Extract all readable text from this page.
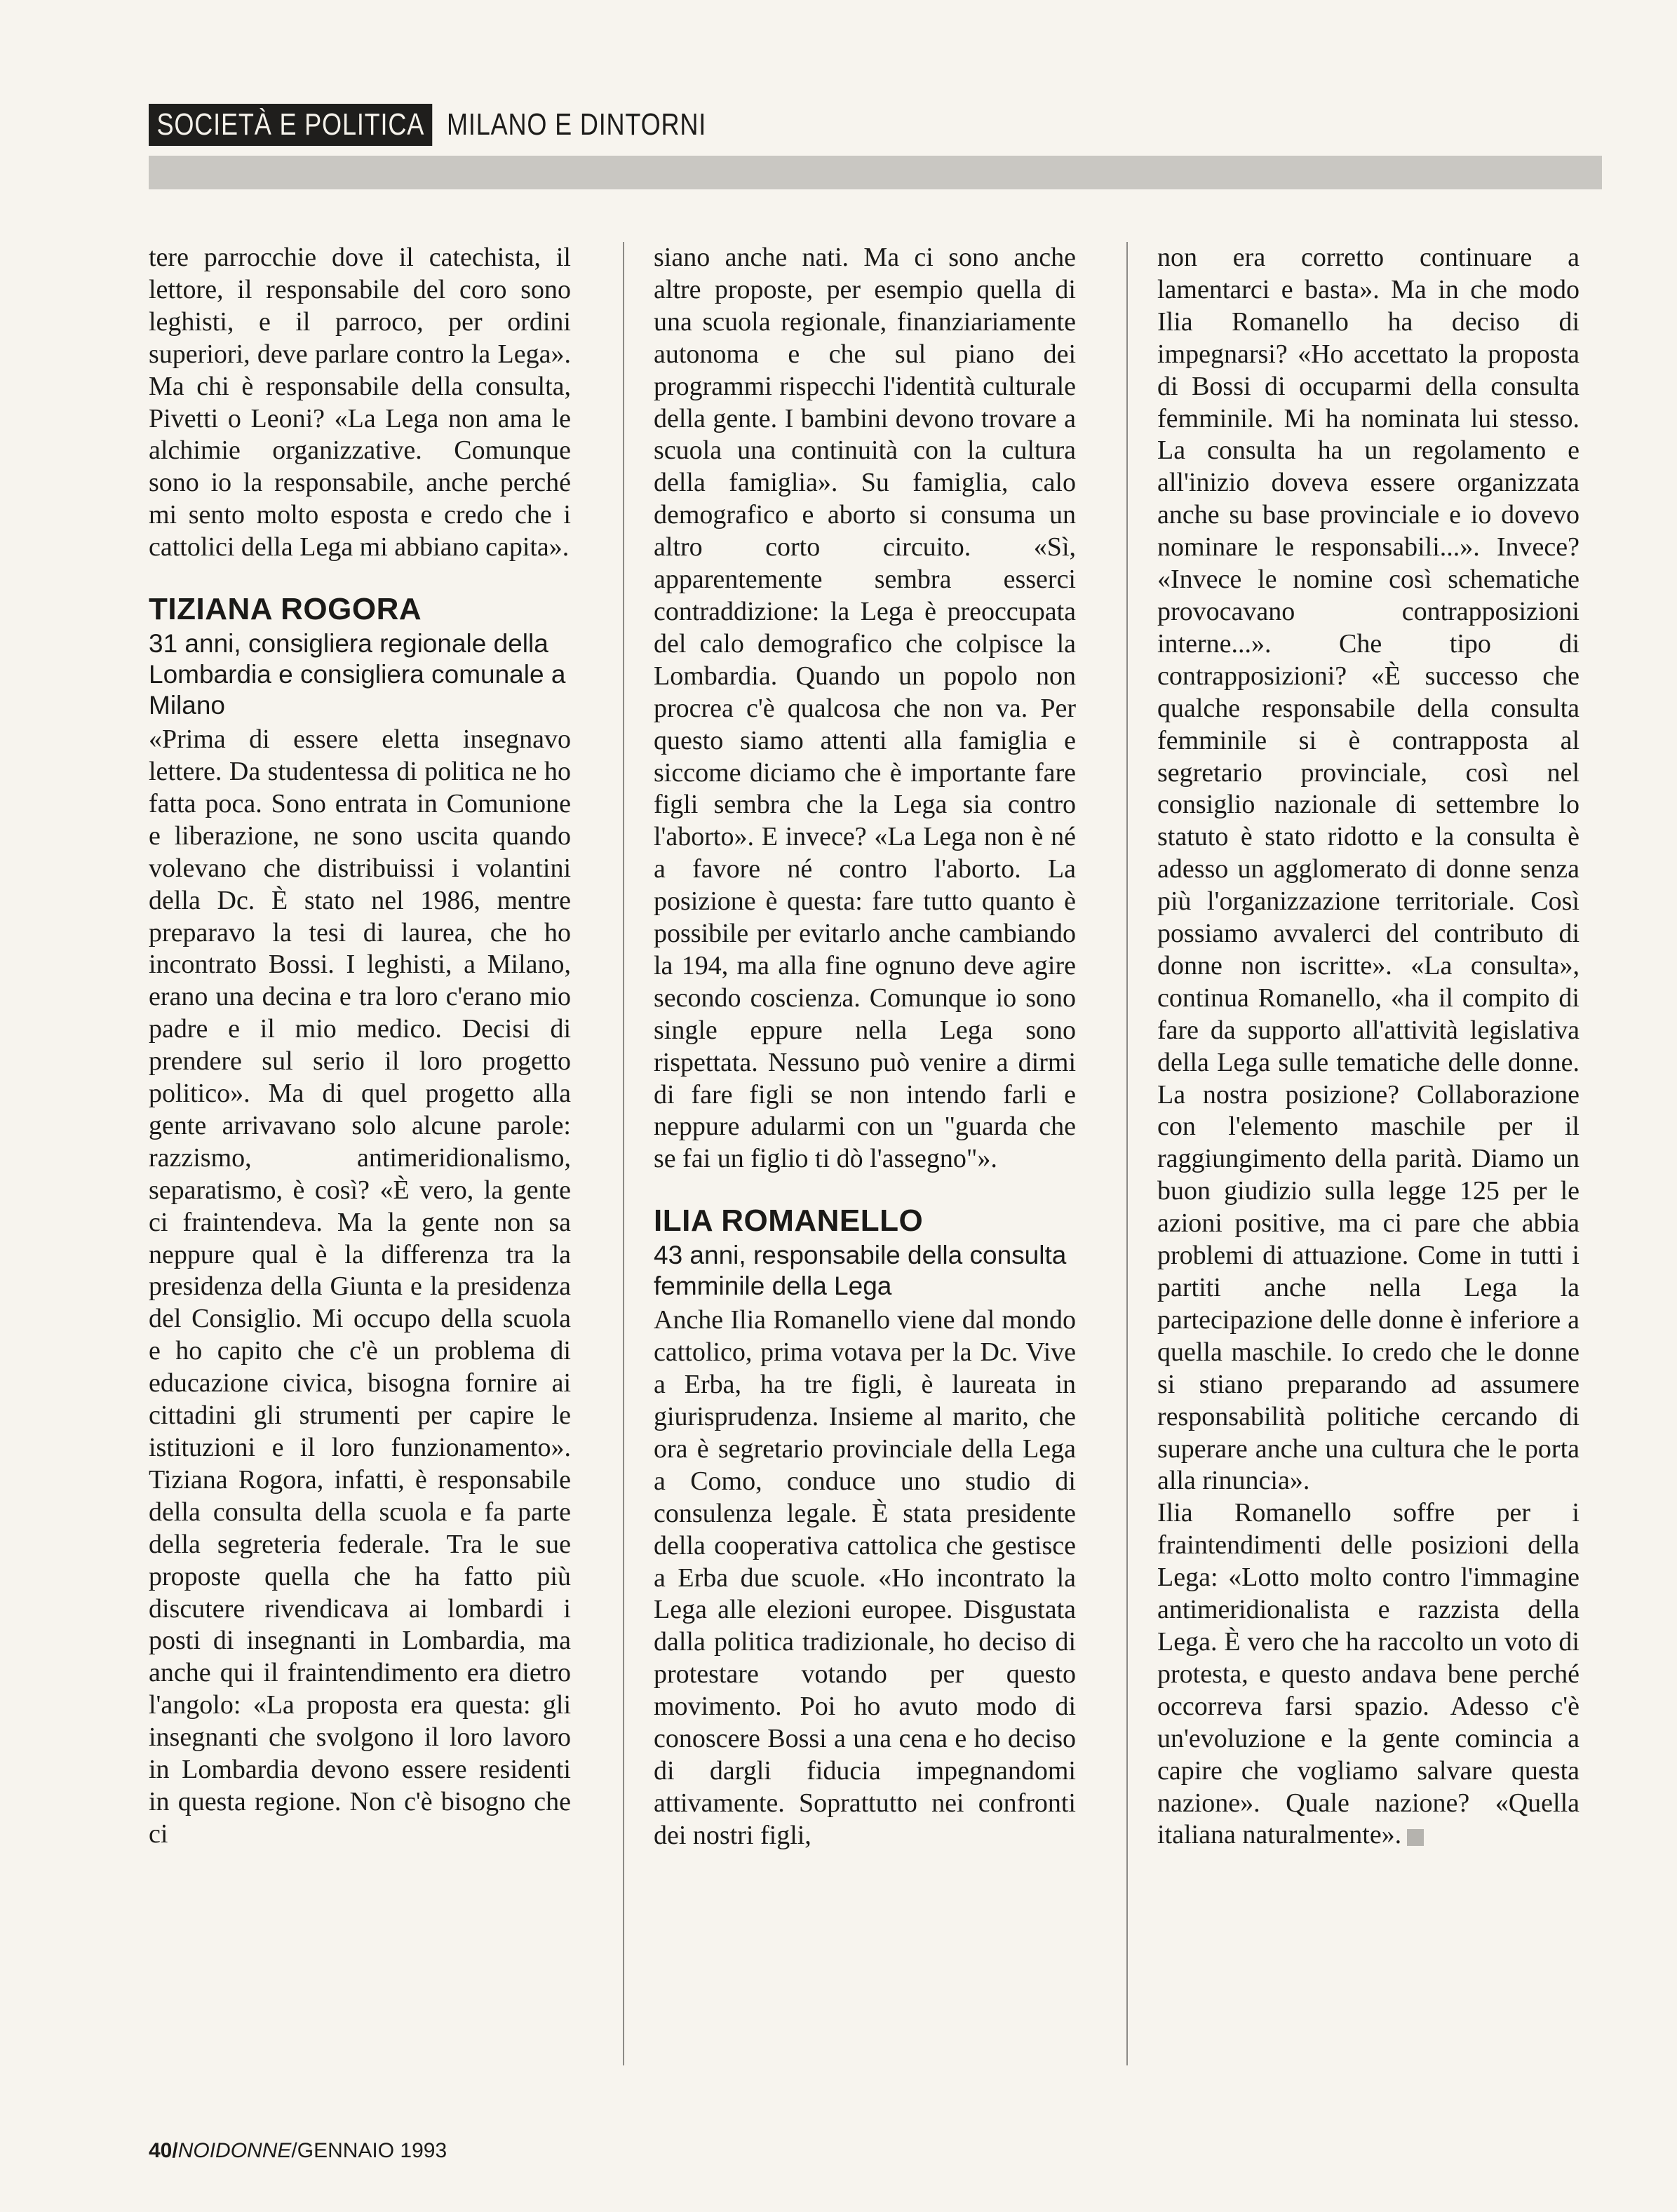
SOCIETÀ E POLITICA MILANO E DINTORNI

tere parrocchie dove il catechista, il lettore, il responsabile del coro sono leghisti, e il parroco, per ordini superiori, deve parlare contro la Lega». Ma chi è responsabile della consulta, Pivetti o Leoni? «La Lega non ama le alchimie organizzative. Comunque sono io la responsabile, anche perché mi sento molto esposta e credo che i cattolici della Lega mi abbiano capita».

TIZIANA ROGORA
31 anni, consigliera regionale della Lombardia e consigliera comunale a Milano

«Prima di essere eletta insegnavo lettere. Da studentessa di politica ne ho fatta poca. Sono entrata in Comunione e liberazione, ne sono uscita quando volevano che distribuissi i volantini della Dc. È stato nel 1986, mentre preparavo la tesi di laurea, che ho incontrato Bossi. I leghisti, a Milano, erano una decina e tra loro c'erano mio padre e il mio medico. Decisi di prendere sul serio il loro progetto politico». Ma di quel progetto alla gente arrivavano solo alcune parole: razzismo, antimeridionalismo, separatismo, è così? «È vero, la gente ci fraintendeva. Ma la gente non sa neppure qual è la differenza tra la presidenza della Giunta e la presidenza del Consiglio. Mi occupo della scuola e ho capito che c'è un problema di educazione civica, bisogna fornire ai cittadini gli strumenti per capire le istituzioni e il loro funzionamento». Tiziana Rogora, infatti, è responsabile della consulta della scuola e fa parte della segreteria federale. Tra le sue proposte quella che ha fatto più discutere rivendicava ai lombardi i posti di insegnanti in Lombardia, ma anche qui il fraintendimento era dietro l'angolo: «La proposta era questa: gli insegnanti che svolgono il loro lavoro in Lombardia devono essere residenti in questa regione. Non c'è bisogno che ci

siano anche nati. Ma ci sono anche altre proposte, per esempio quella di una scuola regionale, finanziariamente autonoma e che sul piano dei programmi rispecchi l'identità culturale della gente. I bambini devono trovare a scuola una continuità con la cultura della famiglia». Su famiglia, calo demografico e aborto si consuma un altro corto circuito. «Sì, apparentemente sembra esserci contraddizione: la Lega è preoccupata del calo demografico che colpisce la Lombardia. Quando un popolo non procrea c'è qualcosa che non va. Per questo siamo attenti alla famiglia e siccome diciamo che è importante fare figli sembra che la Lega sia contro l'aborto». E invece? «La Lega non è né a favore né contro l'aborto. La posizione è questa: fare tutto quanto è possibile per evitarlo anche cambiando la 194, ma alla fine ognuno deve agire secondo coscienza. Comunque io sono single eppure nella Lega sono rispettata. Nessuno può venire a dirmi di fare figli se non intendo farli e neppure adularmi con un "guarda che se fai un figlio ti dò l'assegno"».

ILIA ROMANELLO
43 anni, responsabile della consulta femminile della Lega

Anche Ilia Romanello viene dal mondo cattolico, prima votava per la Dc. Vive a Erba, ha tre figli, è laureata in giurisprudenza. Insieme al marito, che ora è segretario provinciale della Lega a Como, conduce uno studio di consulenza legale. È stata presidente della cooperativa cattolica che gestisce a Erba due scuole. «Ho incontrato la Lega alle elezioni europee. Disgustata dalla politica tradizionale, ho deciso di protestare votando per questo movimento. Poi ho avuto modo di conoscere Bossi a una cena e ho deciso di dargli fiducia impegnandomi attivamente. Soprattutto nei confronti dei nostri figli,

non era corretto continuare a lamentarci e basta». Ma in che modo Ilia Romanello ha deciso di impegnarsi? «Ho accettato la proposta di Bossi di occuparmi della consulta femminile. Mi ha nominata lui stesso. La consulta ha un regolamento e all'inizio doveva essere organizzata anche su base provinciale e io dovevo nominare le responsabili...». Invece? «Invece le nomine così schematiche provocavano contrapposizioni interne...». Che tipo di contrapposizioni? «È successo che qualche responsabile della consulta femminile si è contrapposta al segretario provinciale, così nel consiglio nazionale di settembre lo statuto è stato ridotto e la consulta è adesso un agglomerato di donne senza più l'organizzazione territoriale. Così possiamo avvalerci del contributo di donne non iscritte». «La consulta», continua Romanello, «ha il compito di fare da supporto all'attività legislativa della Lega sulle tematiche delle donne. La nostra posizione? Collaborazione con l'elemento maschile per il raggiungimento della parità. Diamo un buon giudizio sulla legge 125 per le azioni positive, ma ci pare che abbia problemi di attuazione. Come in tutti i partiti anche nella Lega la partecipazione delle donne è inferiore a quella maschile. Io credo che le donne si stiano preparando ad assumere responsabilità politiche cercando di superare anche una cultura che le porta alla rinuncia».

Ilia Romanello soffre per i fraintendimenti delle posizioni della Lega: «Lotto molto contro l'immagine antimeridionalista e razzista della Lega. È vero che ha raccolto un voto di protesta, e questo andava bene perché occorreva farsi spazio. Adesso c'è un'evoluzione e la gente comincia a capire che vogliamo salvare questa nazione». Quale nazione? «Quella italiana naturalmente».

40/NOIDONNE/GENNAIO 1993
